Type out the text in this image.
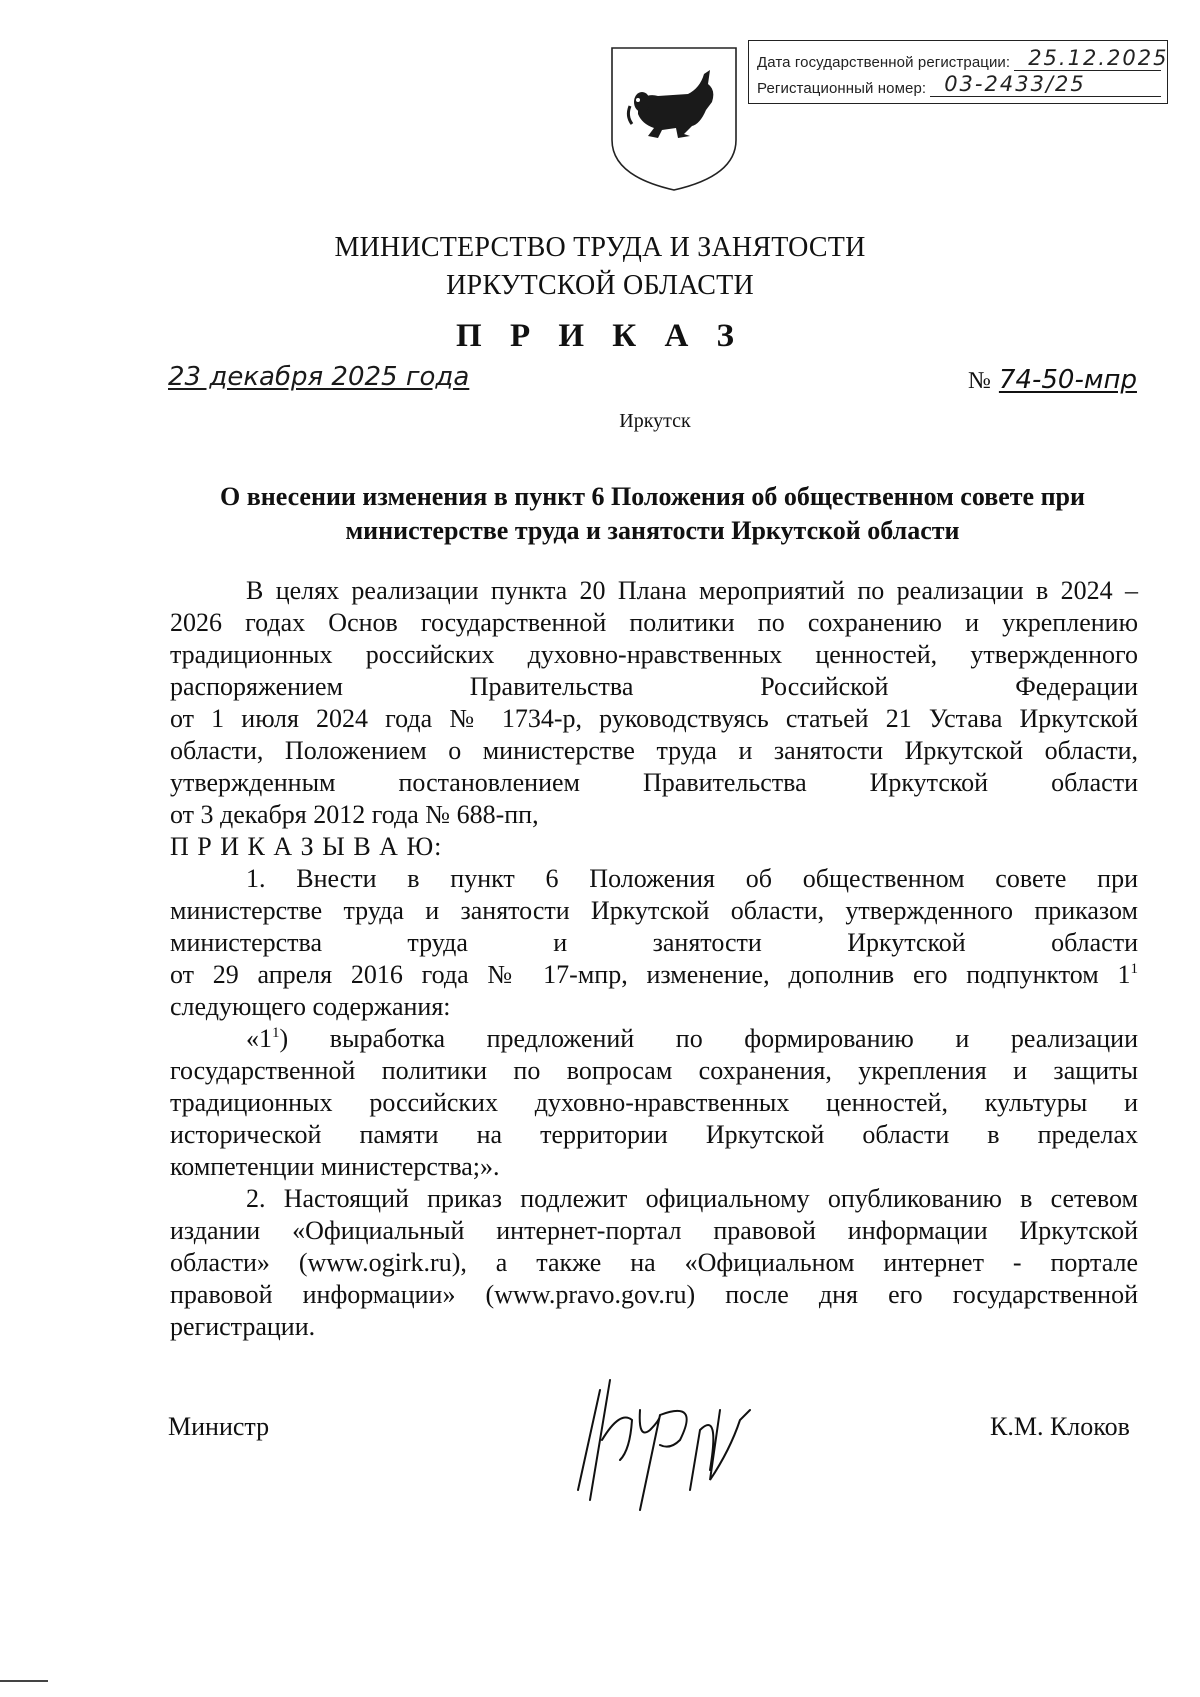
Дата государственной регистрации: 25.12.2025
Регистационный номер: 03-2433/25
МИНИСТЕРСТВО ТРУДА И ЗАНЯТОСТИ
ИРКУТСКОЙ ОБЛАСТИ
П Р И К А З
23 декабря 2025 года	№ 74-50-мпр
Иркутск
О внесении изменения в пункт 6 Положения об общественном совете при
министерстве труда и занятости Иркутской области
В целях реализации пункта 20 Плана мероприятий по реализации в 2024 –
2026 годах Основ государственной политики по сохранению и укреплению
традиционных российских духовно-нравственных ценностей, утвержденного
распоряжением Правительства Российской Федерации
от 1 июля 2024 года № 1734-р, руководствуясь статьей 21 Устава Иркутской
области, Положением о министерстве труда и занятости Иркутской области,
утвержденным постановлением Правительства Иркутской области
от 3 декабря 2012 года № 688-пп,
П Р И К А З Ы В А Ю:
1. Внести в пункт 6 Положения об общественном совете при
министерстве труда и занятости Иркутской области, утвержденного приказом
министерства труда и занятости Иркутской области
от 29 апреля 2016 года № 17-мпр, изменение, дополнив его подпунктом $1^1$
следующего содержания:
«$1^1$) выработка предложений по формированию и реализации
государственной политики по вопросам сохранения, укрепления и защиты
традиционных российских духовно-нравственных ценностей, культуры и
исторической памяти на территории Иркутской области в пределах
компетенции министерства;».
2. Настоящий приказ подлежит официальному опубликованию в сетевом
издании «Официальный интернет-портал правовой информации Иркутской
области» (www.ogirk.ru), а также на «Официальном интернет - портале
правовой информации» (www.pravo.gov.ru) после дня его государственной
регистрации.
Министр	К.М. Клоков
